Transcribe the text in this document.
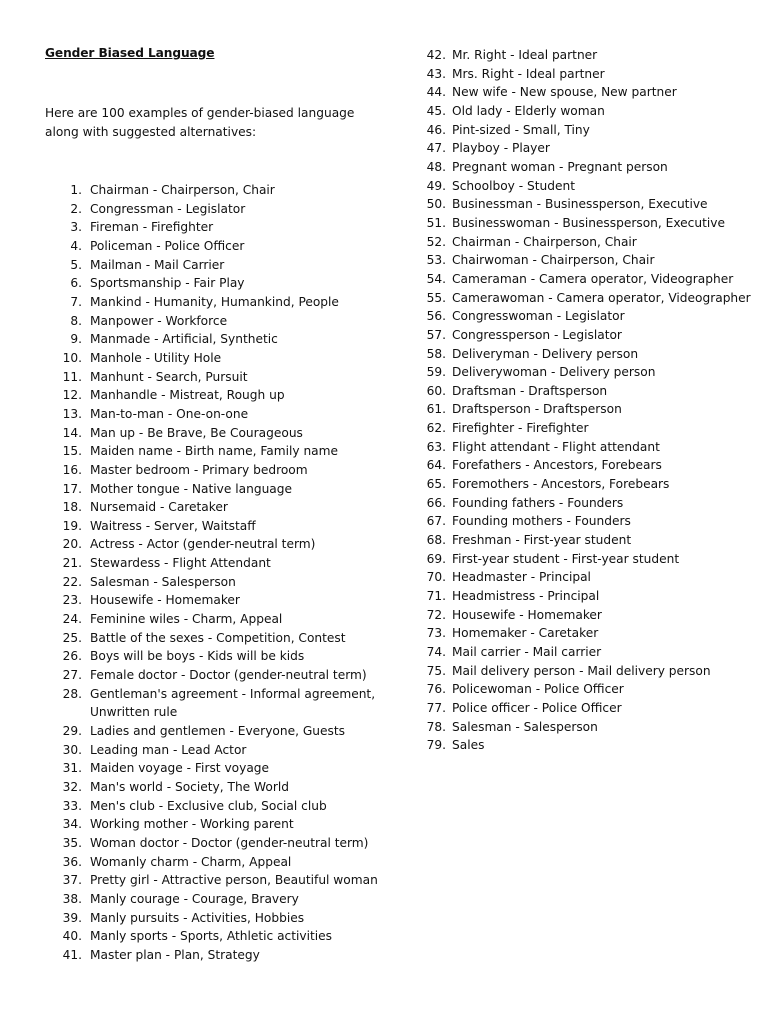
Gender Biased Language
Here are 100 examples of gender-biased language along with suggested alternatives:
1. Chairman - Chairperson, Chair
2. Congressman - Legislator
3. Fireman - Firefighter
4. Policeman - Police Officer
5. Mailman - Mail Carrier
6. Sportsmanship - Fair Play
7. Mankind - Humanity, Humankind, People
8. Manpower - Workforce
9. Manmade - Artificial, Synthetic
10. Manhole - Utility Hole
11. Manhunt - Search, Pursuit
12. Manhandle - Mistreat, Rough up
13. Man-to-man - One-on-one
14. Man up - Be Brave, Be Courageous
15. Maiden name - Birth name, Family name
16. Master bedroom - Primary bedroom
17. Mother tongue - Native language
18. Nursemaid - Caretaker
19. Waitress - Server, Waitstaff
20. Actress - Actor (gender-neutral term)
21. Stewardess - Flight Attendant
22. Salesman - Salesperson
23. Housewife - Homemaker
24. Feminine wiles - Charm, Appeal
25. Battle of the sexes - Competition, Contest
26. Boys will be boys - Kids will be kids
27. Female doctor - Doctor (gender-neutral term)
28. Gentleman's agreement - Informal agreement, Unwritten rule
29. Ladies and gentlemen - Everyone, Guests
30. Leading man - Lead Actor
31. Maiden voyage - First voyage
32. Man's world - Society, The World
33. Men's club - Exclusive club, Social club
34. Working mother - Working parent
35. Woman doctor - Doctor (gender-neutral term)
36. Womanly charm - Charm, Appeal
37. Pretty girl - Attractive person, Beautiful woman
38. Manly courage - Courage, Bravery
39. Manly pursuits - Activities, Hobbies
40. Manly sports - Sports, Athletic activities
41. Master plan - Plan, Strategy
42. Mr. Right - Ideal partner
43. Mrs. Right - Ideal partner
44. New wife - New spouse, New partner
45. Old lady - Elderly woman
46. Pint-sized - Small, Tiny
47. Playboy - Player
48. Pregnant woman - Pregnant person
49. Schoolboy - Student
50. Businessman - Businessperson, Executive
51. Businesswoman - Businessperson, Executive
52. Chairman - Chairperson, Chair
53. Chairwoman - Chairperson, Chair
54. Cameraman - Camera operator, Videographer
55. Camerawoman - Camera operator, Videographer
56. Congresswoman - Legislator
57. Congressperson - Legislator
58. Deliveryman - Delivery person
59. Deliverywoman - Delivery person
60. Draftsman - Draftsperson
61. Draftsperson - Draftsperson
62. Firefighter - Firefighter
63. Flight attendant - Flight attendant
64. Forefathers - Ancestors, Forebears
65. Foremothers - Ancestors, Forebears
66. Founding fathers - Founders
67. Founding mothers - Founders
68. Freshman - First-year student
69. First-year student - First-year student
70. Headmaster - Principal
71. Headmistress - Principal
72. Housewife - Homemaker
73. Homemaker - Caretaker
74. Mail carrier - Mail carrier
75. Mail delivery person - Mail delivery person
76. Policewoman - Police Officer
77. Police officer - Police Officer
78. Salesman - Salesperson
79. Sales
